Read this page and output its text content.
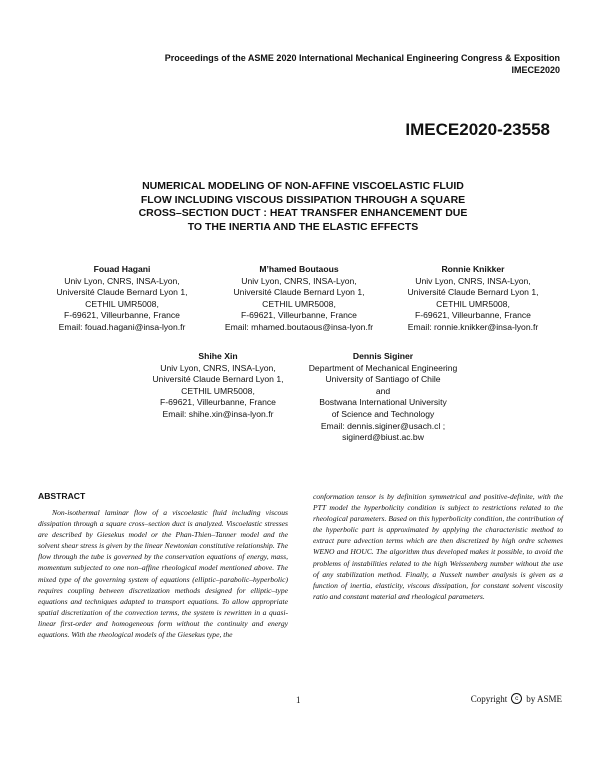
Proceedings of the ASME 2020 International Mechanical Engineering Congress & Exposition
IMECE2020
IMECE2020-23558
NUMERICAL MODELING OF NON-AFFINE VISCOELASTIC FLUID FLOW INCLUDING VISCOUS DISSIPATION THROUGH A SQUARE CROSS–SECTION DUCT : HEAT TRANSFER ENHANCEMENT DUE TO THE INERTIA AND THE ELASTIC EFFECTS
Fouad Hagani
Univ Lyon, CNRS, INSA-Lyon,
Université Claude Bernard Lyon 1,
CETHIL UMR5008,
F-69621, Villeurbanne, France
Email: fouad.hagani@insa-lyon.fr
M’hamed Boutaous
Univ Lyon, CNRS, INSA-Lyon,
Université Claude Bernard Lyon 1,
CETHIL UMR5008,
F-69621, Villeurbanne, France
Email: mhamed.boutaous@insa-lyon.fr
Ronnie Knikker
Univ Lyon, CNRS, INSA-Lyon,
Université Claude Bernard Lyon 1,
CETHIL UMR5008,
F-69621, Villeurbanne, France
Email: ronnie.knikker@insa-lyon.fr
Shihe Xin
Univ Lyon, CNRS, INSA-Lyon,
Université Claude Bernard Lyon 1,
CETHIL UMR5008,
F-69621, Villeurbanne, France
Email: shihe.xin@insa-lyon.fr
Dennis Siginer
Department of Mechanical Engineering
University of Santiago of Chile
and
Bostwana International University
of Science and Technology
Email: dennis.siginer@usach.cl ;
siginerd@biust.ac.bw
ABSTRACT
Non-isothermal laminar flow of a viscoelastic fluid including viscous dissipation through a square cross–section duct is analyzed. Viscoelastic stresses are described by Giesekus model or the Phan-Thien–Tanner model and the solvent shear stress is given by the linear Newtonian constitutive relationship. The flow through the tube is governed by the conservation equations of energy, mass, momentum subjected to one non–affine rheological model mentioned above. The mixed type of the governing system of equations (elliptic–parabolic–hyperbolic) requires coupling between discretization methods designed for elliptic–type equations and techniques adapted to transport equations. To allow appropriate spatial discretization of the convection terms, the system is rewritten in a quasi-linear first-order and homogeneous form without the continuity and energy equations. With the rheological models of the Giesekus type, the
conformation tensor is by definition symmetrical and positive-definite, with the PTT model the hyperbolicity condition is subject to restrictions related to the rheological parameters. Based on this hyperbolicity condition, the contribution of the hyperbolic part is approximated by applying the characteristic method to extract pure advection terms which are then discretized by high ordre schemes WENO and HOUC. The algorithm thus developed makes it possible, to avoid the problems of instabilities related to the high Weissenberg number without the use of any stabilization method. Finally, a Nusselt number analysis is given as a function of inertia, elasticity, viscous dissipation, for constant solvent viscosity ratio and constant material and rheological parameters.
1	Copyright	c by ASME
